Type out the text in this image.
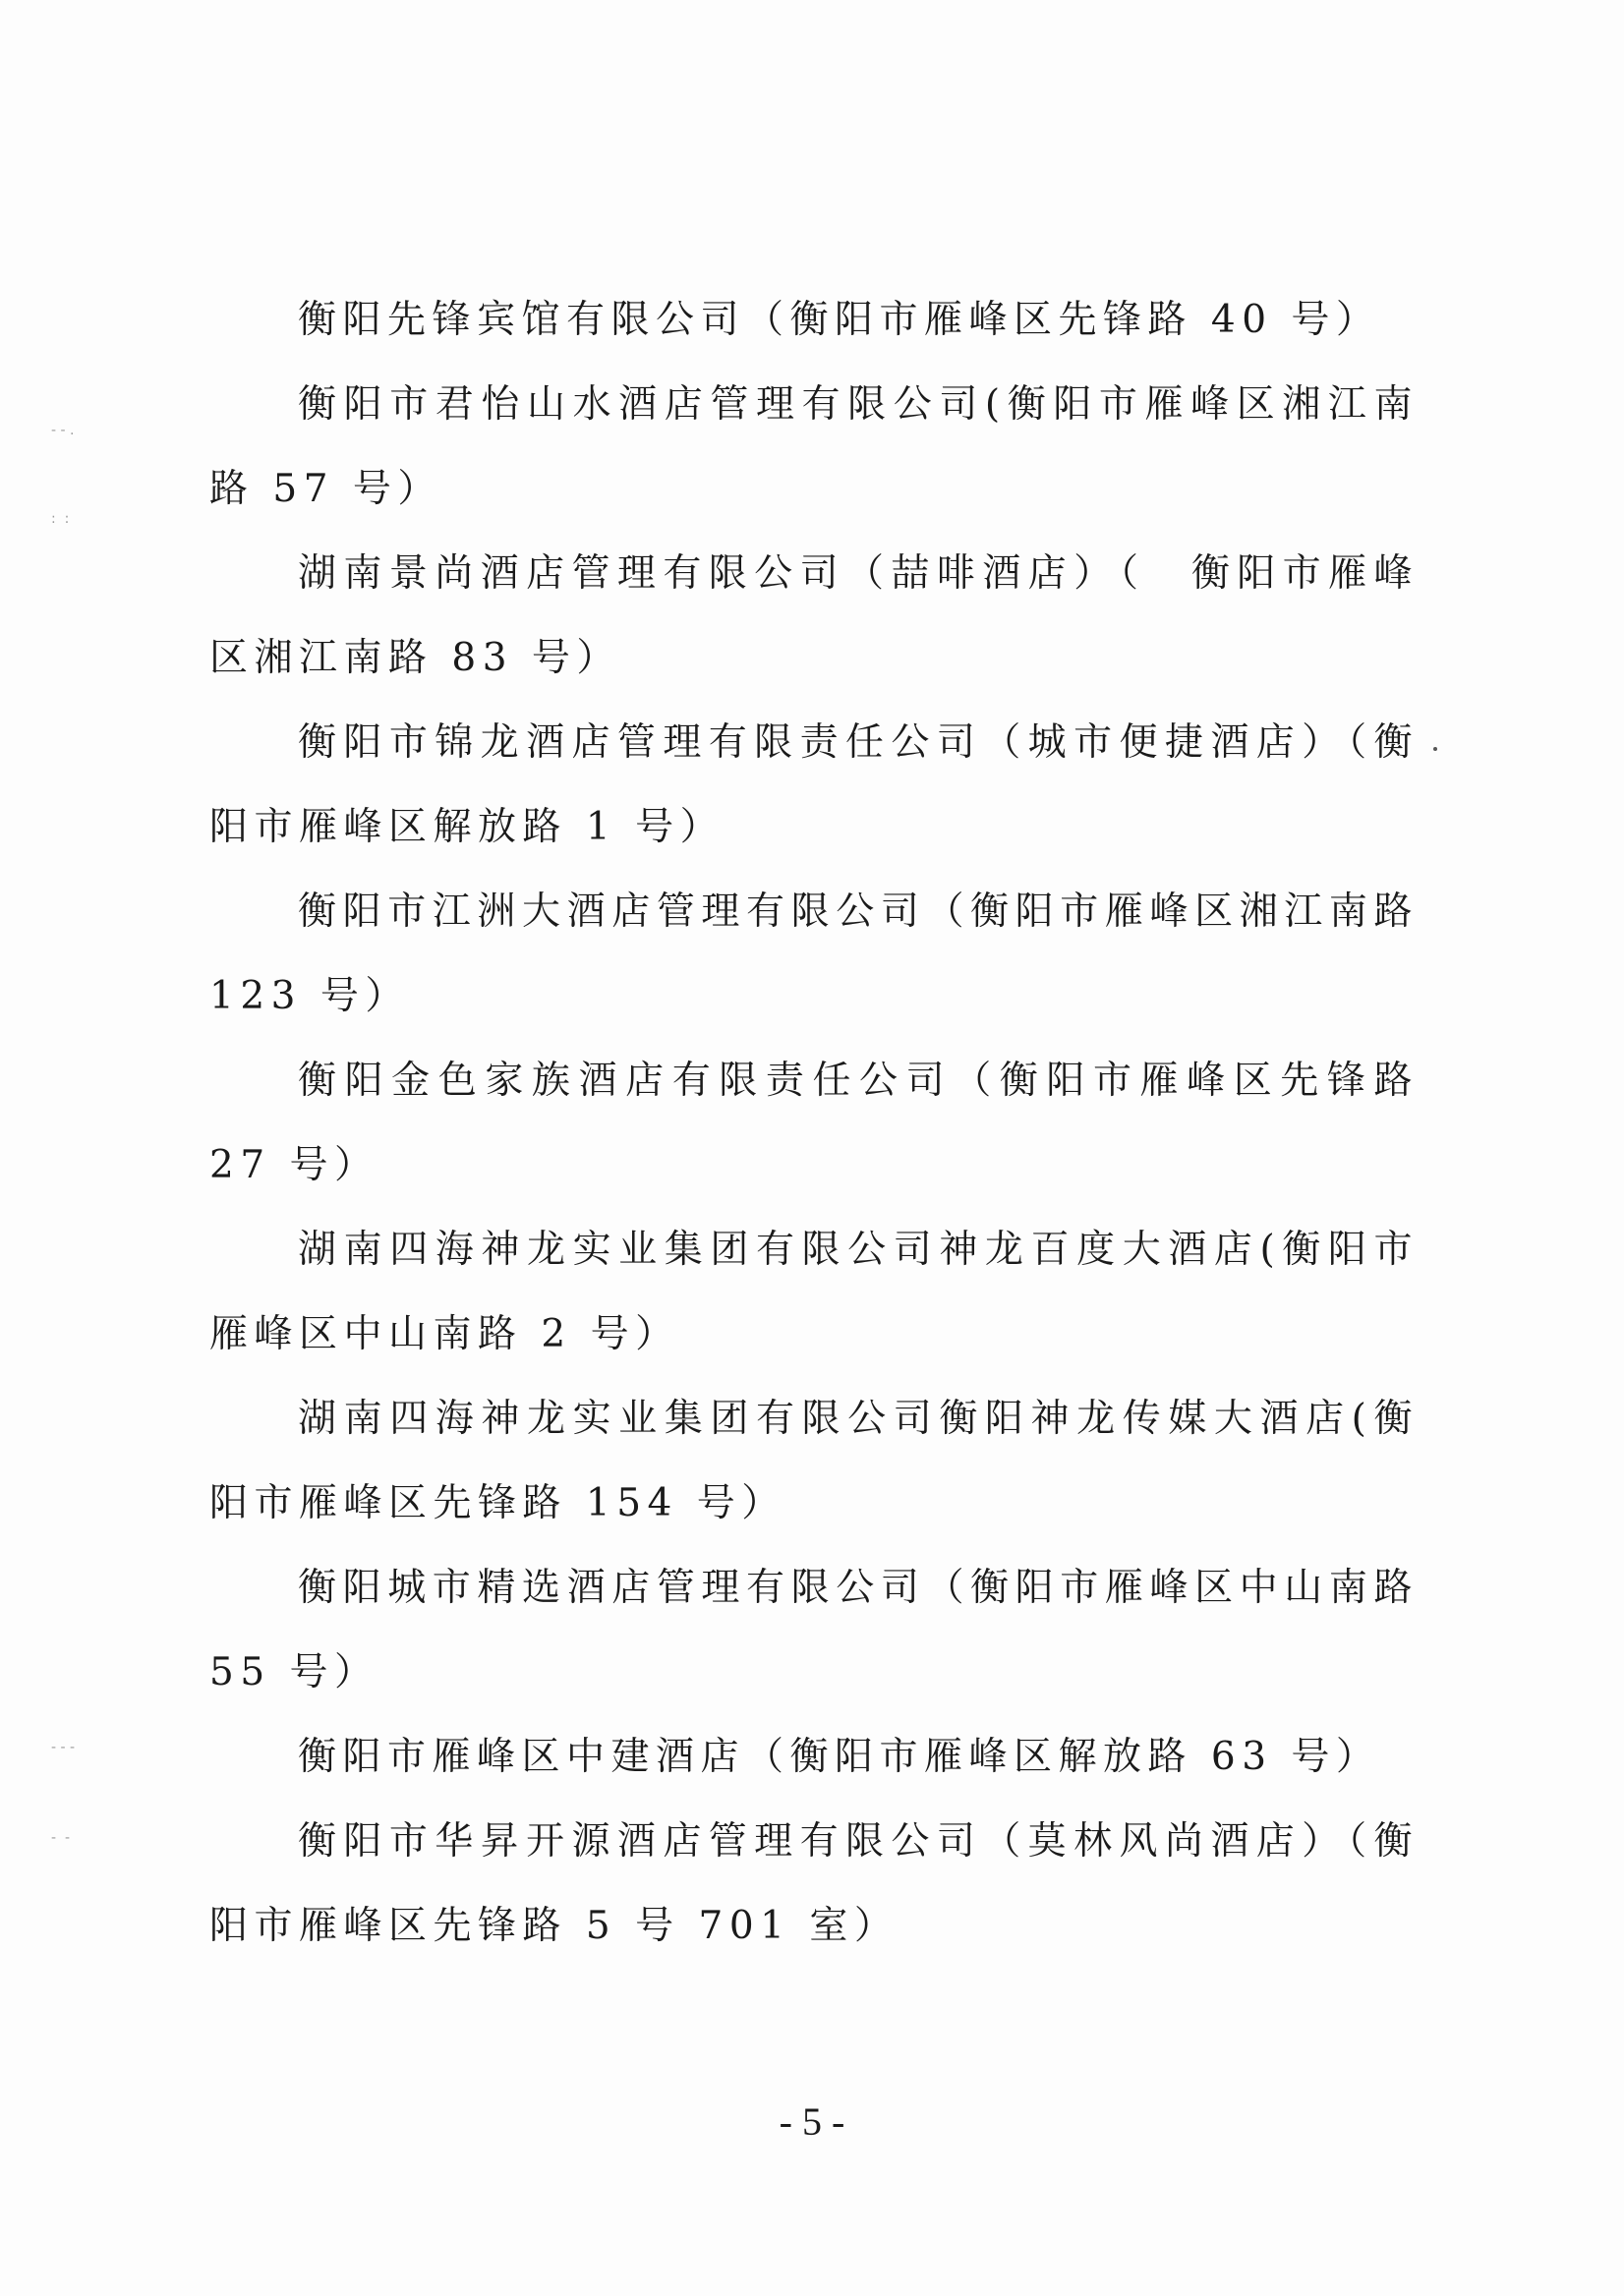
- - .
:  :
- - -
-  -

衡阳先锋宾馆有限公司（衡阳市雁峰区先锋路 40 号）

衡阳市君怡山水酒店管理有限公司(衡阳市雁峰区湘江南路 57 号）

湖南景尚酒店管理有限公司（喆啡酒店）（　衡阳市雁峰区湘江南路 83 号）

衡阳市锦龙酒店管理有限责任公司（城市便捷酒店）（衡阳市雁峰区解放路 1 号）

衡阳市江洲大酒店管理有限公司（衡阳市雁峰区湘江南路 123 号）

衡阳金色家族酒店有限责任公司（衡阳市雁峰区先锋路 27 号）

湖南四海神龙实业集团有限公司神龙百度大酒店(衡阳市雁峰区中山南路 2 号）

湖南四海神龙实业集团有限公司衡阳神龙传媒大酒店(衡阳市雁峰区先锋路 154 号）

衡阳城市精选酒店管理有限公司（衡阳市雁峰区中山南路 55 号）

衡阳市雁峰区中建酒店（衡阳市雁峰区解放路 63 号）

衡阳市华昇开源酒店管理有限公司（莫林风尚酒店）（衡阳市雁峰区先锋路 5 号 701 室）

- 5 -
